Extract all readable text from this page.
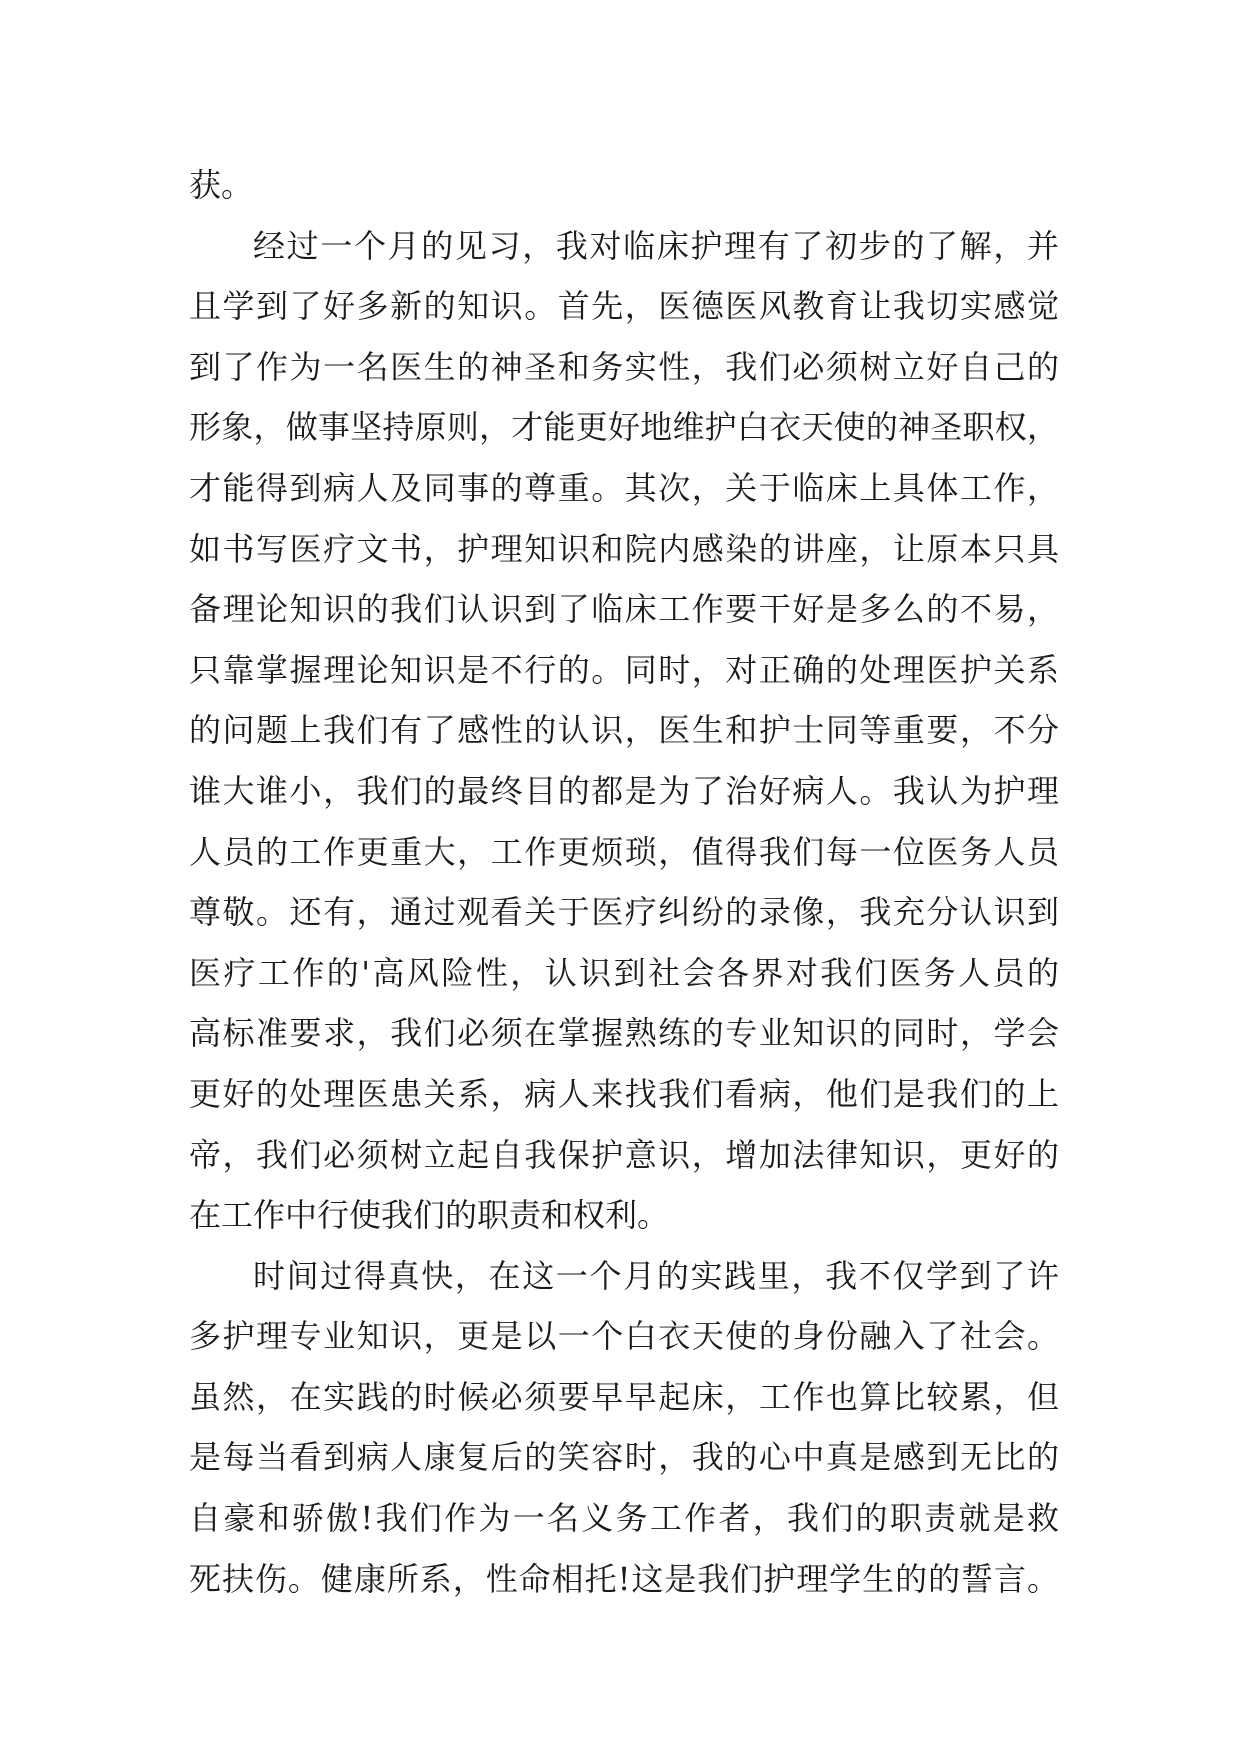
获。
经过一个月的见习，我对临床护理有了初步的了解，并
且学到了好多新的知识。首先，医德医风教育让我切实感觉
到了作为一名医生的神圣和务实性，我们必须树立好自己的
形象，做事坚持原则，才能更好地维护白衣天使的神圣职权，
才能得到病人及同事的尊重。其次，关于临床上具体工作，
如书写医疗文书，护理知识和院内感染的讲座，让原本只具
备理论知识的我们认识到了临床工作要干好是多么的不易，
只靠掌握理论知识是不行的。同时，对正确的处理医护关系
的问题上我们有了感性的认识，医生和护士同等重要，不分
谁大谁小，我们的最终目的都是为了治好病人。我认为护理
人员的工作更重大，工作更烦琐，值得我们每一位医务人员
尊敬。还有，通过观看关于医疗纠纷的录像，我充分认识到
医疗工作的'高风险性，认识到社会各界对我们医务人员的
高标准要求，我们必须在掌握熟练的专业知识的同时，学会
更好的处理医患关系，病人来找我们看病，他们是我们的上
帝，我们必须树立起自我保护意识，增加法律知识，更好的
在工作中行使我们的职责和权利。
时间过得真快，在这一个月的实践里，我不仅学到了许
多护理专业知识，更是以一个白衣天使的身份融入了社会。
虽然，在实践的时候必须要早早起床，工作也算比较累，但
是每当看到病人康复后的笑容时，我的心中真是感到无比的
自豪和骄傲!我们作为一名义务工作者，我们的职责就是救
死扶伤。健康所系，性命相托!这是我们护理学生的的誓言。
